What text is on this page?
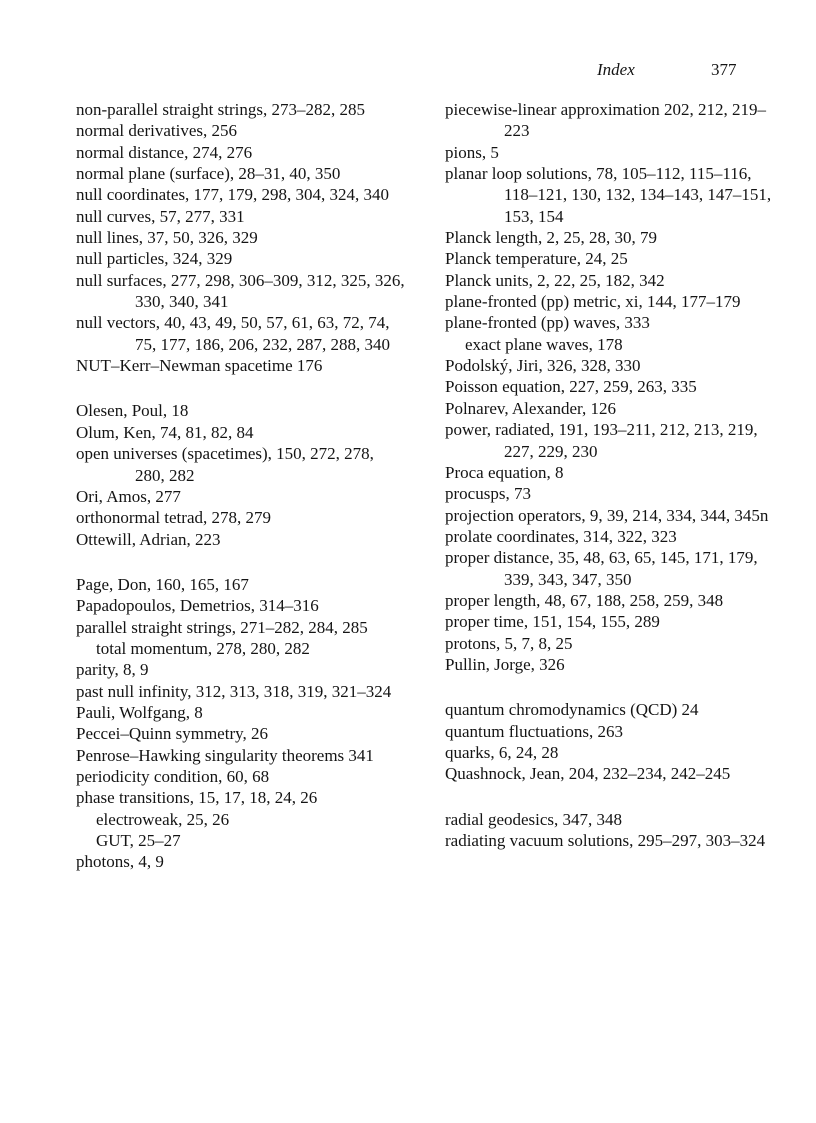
Index	377

non-parallel straight strings, 273–282, 285

normal derivatives, 256

normal distance, 274, 276

normal plane (surface), 28–31, 40, 350

null coordinates, 177, 179, 298, 304, 324, 340

null curves, 57, 277, 331

null lines, 37, 50, 326, 329

null particles, 324, 329

null surfaces, 277, 298, 306–309, 312, 325, 326, 330, 340, 341

null vectors, 40, 43, 49, 50, 57, 61, 63, 72, 74, 75, 177, 186, 206, 232, 287, 288, 340

NUT–Kerr–Newman spacetime 176

Olesen, Poul, 18

Olum, Ken, 74, 81, 82, 84

open universes (spacetimes), 150, 272, 278, 280, 282

Ori, Amos, 277

orthonormal tetrad, 278, 279

Ottewill, Adrian, 223

Page, Don, 160, 165, 167

Papadopoulos, Demetrios, 314–316

parallel straight strings, 271–282, 284, 285

total momentum, 278, 280, 282

parity, 8, 9

past null infinity, 312, 313, 318, 319, 321–324

Pauli, Wolfgang, 8

Peccei–Quinn symmetry, 26

Penrose–Hawking singularity theorems 341

periodicity condition, 60, 68

phase transitions, 15, 17, 18, 24, 26

electroweak, 25, 26

GUT, 25–27

photons, 4, 9

piecewise-linear approximation 202, 212, 219–223

pions, 5

planar loop solutions, 78, 105–112, 115–116, 118–121, 130, 132, 134–143, 147–151, 153, 154

Planck length, 2, 25, 28, 30, 79

Planck temperature, 24, 25

Planck units, 2, 22, 25, 182, 342

plane-fronted (pp) metric, xi, 144, 177–179

plane-fronted (pp) waves, 333

exact plane waves, 178

Podolský, Jiri, 326, 328, 330

Poisson equation, 227, 259, 263, 335

Polnarev, Alexander, 126

power, radiated, 191, 193–211, 212, 213, 219, 227, 229, 230

Proca equation, 8

procusps, 73

projection operators, 9, 39, 214, 334, 344, 345n

prolate coordinates, 314, 322, 323

proper distance, 35, 48, 63, 65, 145, 171, 179, 339, 343, 347, 350

proper length, 48, 67, 188, 258, 259, 348

proper time, 151, 154, 155, 289

protons, 5, 7, 8, 25

Pullin, Jorge, 326

quantum chromodynamics (QCD) 24

quantum fluctuations, 263

quarks, 6, 24, 28

Quashnock, Jean, 204, 232–234, 242–245

radial geodesics, 347, 348

radiating vacuum solutions, 295–297, 303–324
